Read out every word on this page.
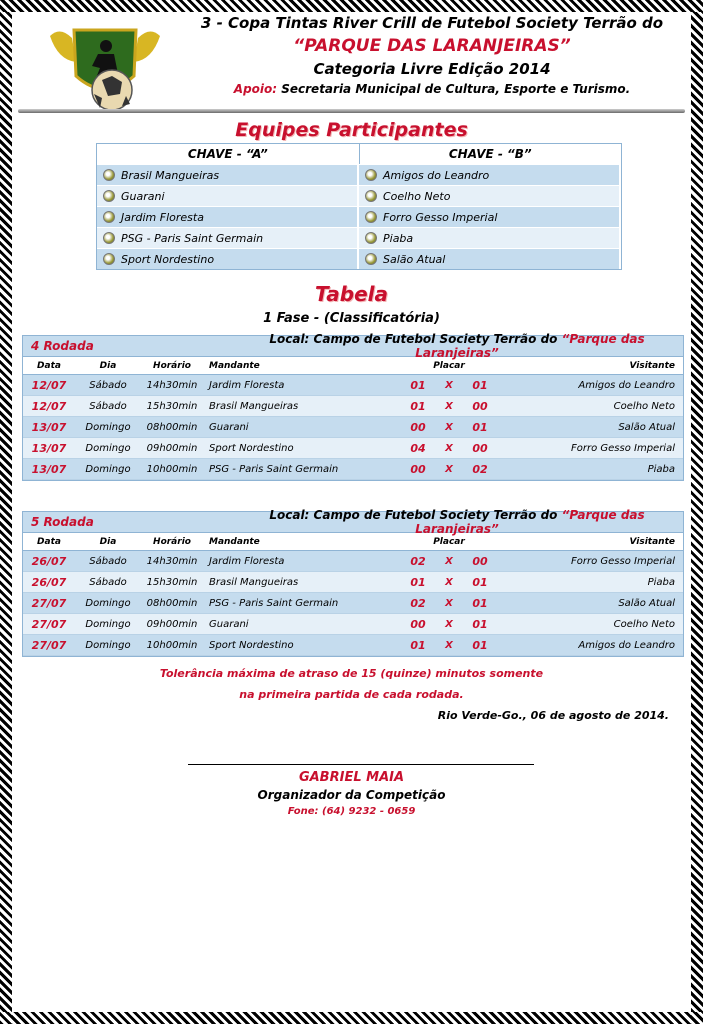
3 - Copa Tintas River Crill de Futebol Society Terrão do
“PARQUE DAS LARANJEIRAS”
Categoria Livre Edição 2014
Apoio: Secretaria Municipal de Cultura, Esporte e Turismo.
Equipes Participantes
CHAVE - “A”	CHAVE - “B”
Brasil Mangueiras	Amigos do Leandro
Guarani	Coelho Neto
Jardim Floresta	Forro Gesso Imperial
PSG - Paris Saint Germain	Piaba
Sport Nordestino	Salão Atual
Tabela
1 Fase - (Classificatória)
4 Rodada	Local: Campo de Futebol Society Terrão do “Parque das Laranjeiras”
Data	Dia	Horário	Mandante	Placar	Visitante
12/07	Sábado	14h30min	Jardim Floresta	01	X	01	Amigos do Leandro
12/07	Sábado	15h30min	Brasil Mangueiras	01	X	00	Coelho Neto
13/07	Domingo	08h00min	Guarani	00	X	01	Salão Atual
13/07	Domingo	09h00min	Sport Nordestino	04	X	00	Forro Gesso Imperial
13/07	Domingo	10h00min	PSG - Paris Saint Germain	00	X	02	Piaba
5 Rodada	Local: Campo de Futebol Society Terrão do “Parque das Laranjeiras”
Data	Dia	Horário	Mandante	Placar	Visitante
26/07	Sábado	14h30min	Jardim Floresta	02	X	00	Forro Gesso Imperial
26/07	Sábado	15h30min	Brasil Mangueiras	01	X	01	Piaba
27/07	Domingo	08h00min	PSG - Paris Saint Germain	02	X	01	Salão Atual
27/07	Domingo	09h00min	Guarani	00	X	01	Coelho Neto
27/07	Domingo	10h00min	Sport Nordestino	01	X	01	Amigos do Leandro
Tolerância máxima de atraso de 15 (quinze) minutos somente
na primeira partida de cada rodada.
Rio Verde-Go., 06 de agosto de 2014.
GABRIEL MAIA
Organizador da Competição
Fone: (64) 9232 - 0659
